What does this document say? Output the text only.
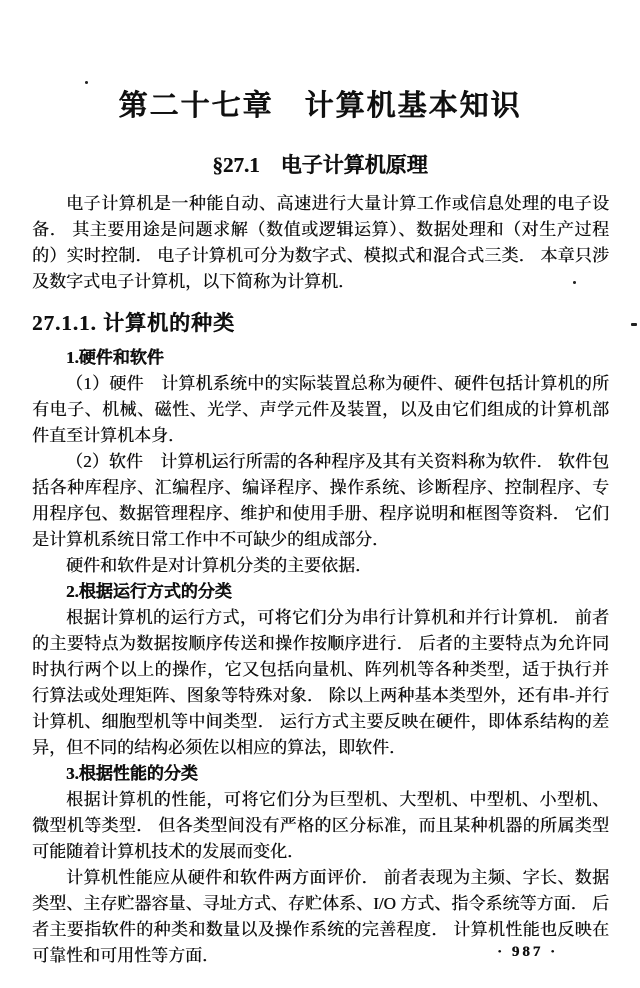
第二十七章　计算机基本知识
§27.1　电子计算机原理

电子计算机是一种能自动、高速进行大量计算工作或信息处理的电子设备． 其主要用途是问题求解（数值或逻辑运算）、数据处理和（对生产过程的）实时控制． 电子计算机可分为数字式、模拟式和混合式三类． 本章只涉及数字式电子计算机，以下简称为计算机．

27.1.1. 计算机的种类

1.硬件和软件

（1）硬件　计算机系统中的实际装置总称为硬件、硬件包括计算机的所有电子、机械、磁性、光学、声学元件及装置，以及由它们组成的计算机部件直至计算机本身．

（2）软件　计算机运行所需的各种程序及其有关资料称为软件． 软件包括各种库程序、汇编程序、编译程序、操作系统、诊断程序、控制程序、专用程序包、数据管理程序、维护和使用手册、程序说明和框图等资料． 它们是计算机系统日常工作中不可缺少的组成部分．

硬件和软件是对计算机分类的主要依据．

2.根据运行方式的分类

根据计算机的运行方式，可将它们分为串行计算机和并行计算机． 前者的主要特点为数据按顺序传送和操作按顺序进行． 后者的主要特点为允许同时执行两个以上的操作，它又包括向量机、阵列机等各种类型，适于执行并行算法或处理矩阵、图象等特殊对象． 除以上两种基本类型外，还有串-并行计算机、细胞型机等中间类型． 运行方式主要反映在硬件，即体系结构的差异，但不同的结构必须佐以相应的算法，即软件．

3.根据性能的分类

根据计算机的性能，可将它们分为巨型机、大型机、中型机、小型机、微型机等类型． 但各类型间没有严格的区分标准，而且某种机器的所属类型可能随着计算机技术的发展而变化．

计算机性能应从硬件和软件两方面评价． 前者表现为主频、字长、数据类型、主存贮器容量、寻址方式、存贮体系、I/O 方式、指令系统等方面． 后者主要指软件的种类和数量以及操作系统的完善程度． 计算机性能也反映在可靠性和可用性等方面．	· 987 ·
